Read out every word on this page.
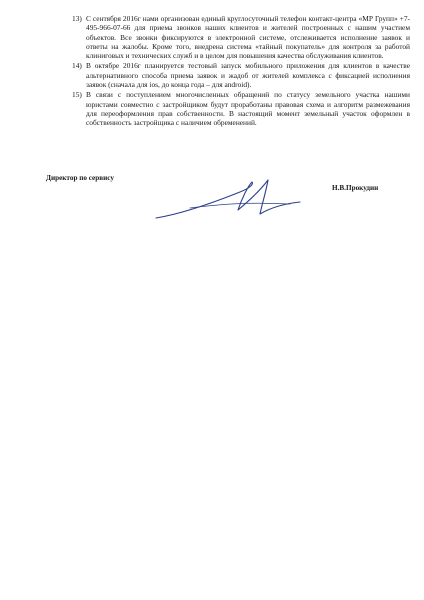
13) С сентября 2016г нами организован единый круглосуточный телефон контакт-центра «МР Групп» +7-495-966-07-66 для приема звонков наших клиентов и жителей построенных с нашим участием объектов. Все звонки фиксируются в электронной системе, отслеживается исполнение заявок и ответы на жалобы. Кроме того, внедрена система «тайный покупатель» для контроля за работой клиниговых и технических служб и в целом для повышения качества обслуживания клиентов.
14) В октябре 2016г планируется тестовый запуск мобильного приложения для клиентов в качестве альтернативного способа приема заявок и жадоб от жителей комплекса с фиксацией исполнения заявок (сначала для ios, до конца года – для android).
15) В связи с поступлением многочисленных обращений по статусу земельного участка нашими юристами совместно с застройщиком будут проработаны правовая схема и алгоритм размежевания для переоформления прав собственности. В настоящий момент земельный участок оформлен в собственность застройщика с наличием обременений.
Директор по сервису
Н.В.Прокудин
